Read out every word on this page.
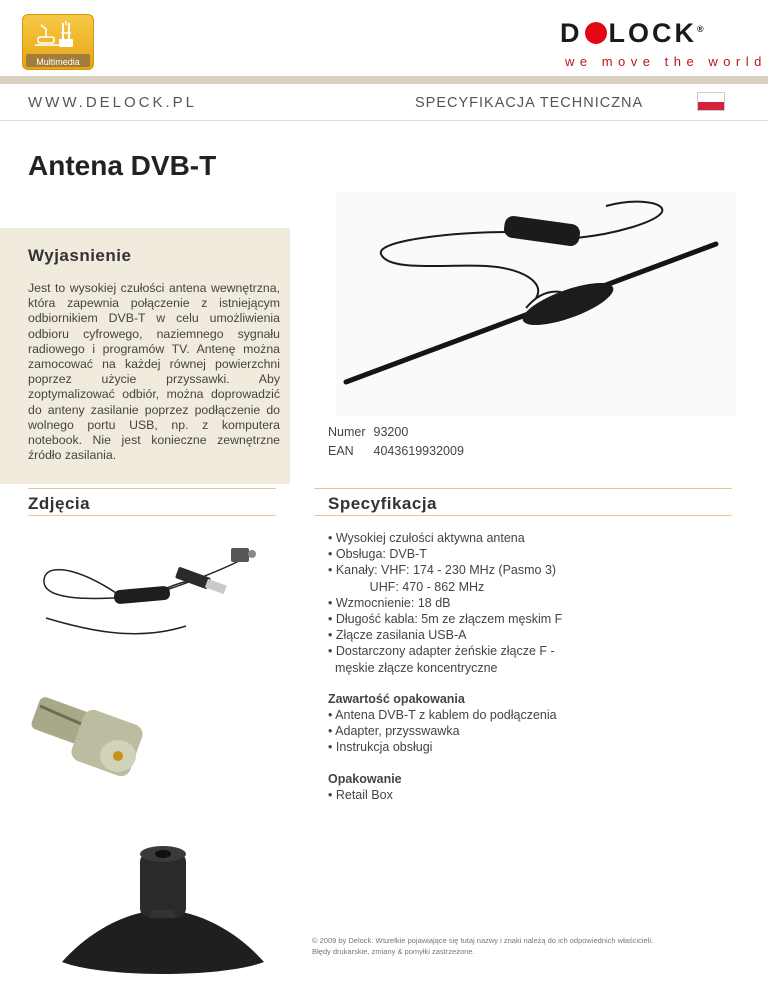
Multimedia
D LOCK®
we move the world
WWW.DELOCK.PL	SPECYFIKACJA TECHNICZNA
Antena DVB-T
Wyjasnienie
Jest to wysokiej czułości antena wewnętrzna, która zapewnia połączenie z istniejącym odbiornikiem DVB-T w celu umożliwienia odbioru cyfrowego, naziemnego sygnału radiowego i programów TV. Antenę można zamocować na każdej równej powierzchni poprzez użycie przyssawki. Aby zoptymalizować odbiór, można doprowadzić do anteny zasilanie poprzez podłączenie do wolnego portu USB, np. z komputera notebook. Nie jest konieczne zewnętrzne źródło zasilania.
Numer	93200
EAN	4043619932009
Zdjęcia	Specyfikacja
• Wysokiej czułości aktywna antena
• Obsługa: DVB-T
• Kanały: VHF: 174 - 230 MHz (Pasmo 3)
UHF: 470 - 862 MHz
• Wzmocnienie: 18 dB
• Długość kabla: 5m ze złączem męskim F
• Złącze zasilania USB-A
• Dostarczony adapter żeńskie złącze F -
męskie złącze koncentryczne
Zawartość opakowania
• Antena DVB-T z kablem do podłączenia
• Adapter, przysswawka
• Instrukcja obsługi
Opakowanie
• Retail Box
© 2009 by Delock. Wszelkie pojawiające się tutaj nazwy i znaki należą do ich odpowiednich właścicieli.
Błędy drukarskie, zmiany & pomyłki zastrzeżone.
